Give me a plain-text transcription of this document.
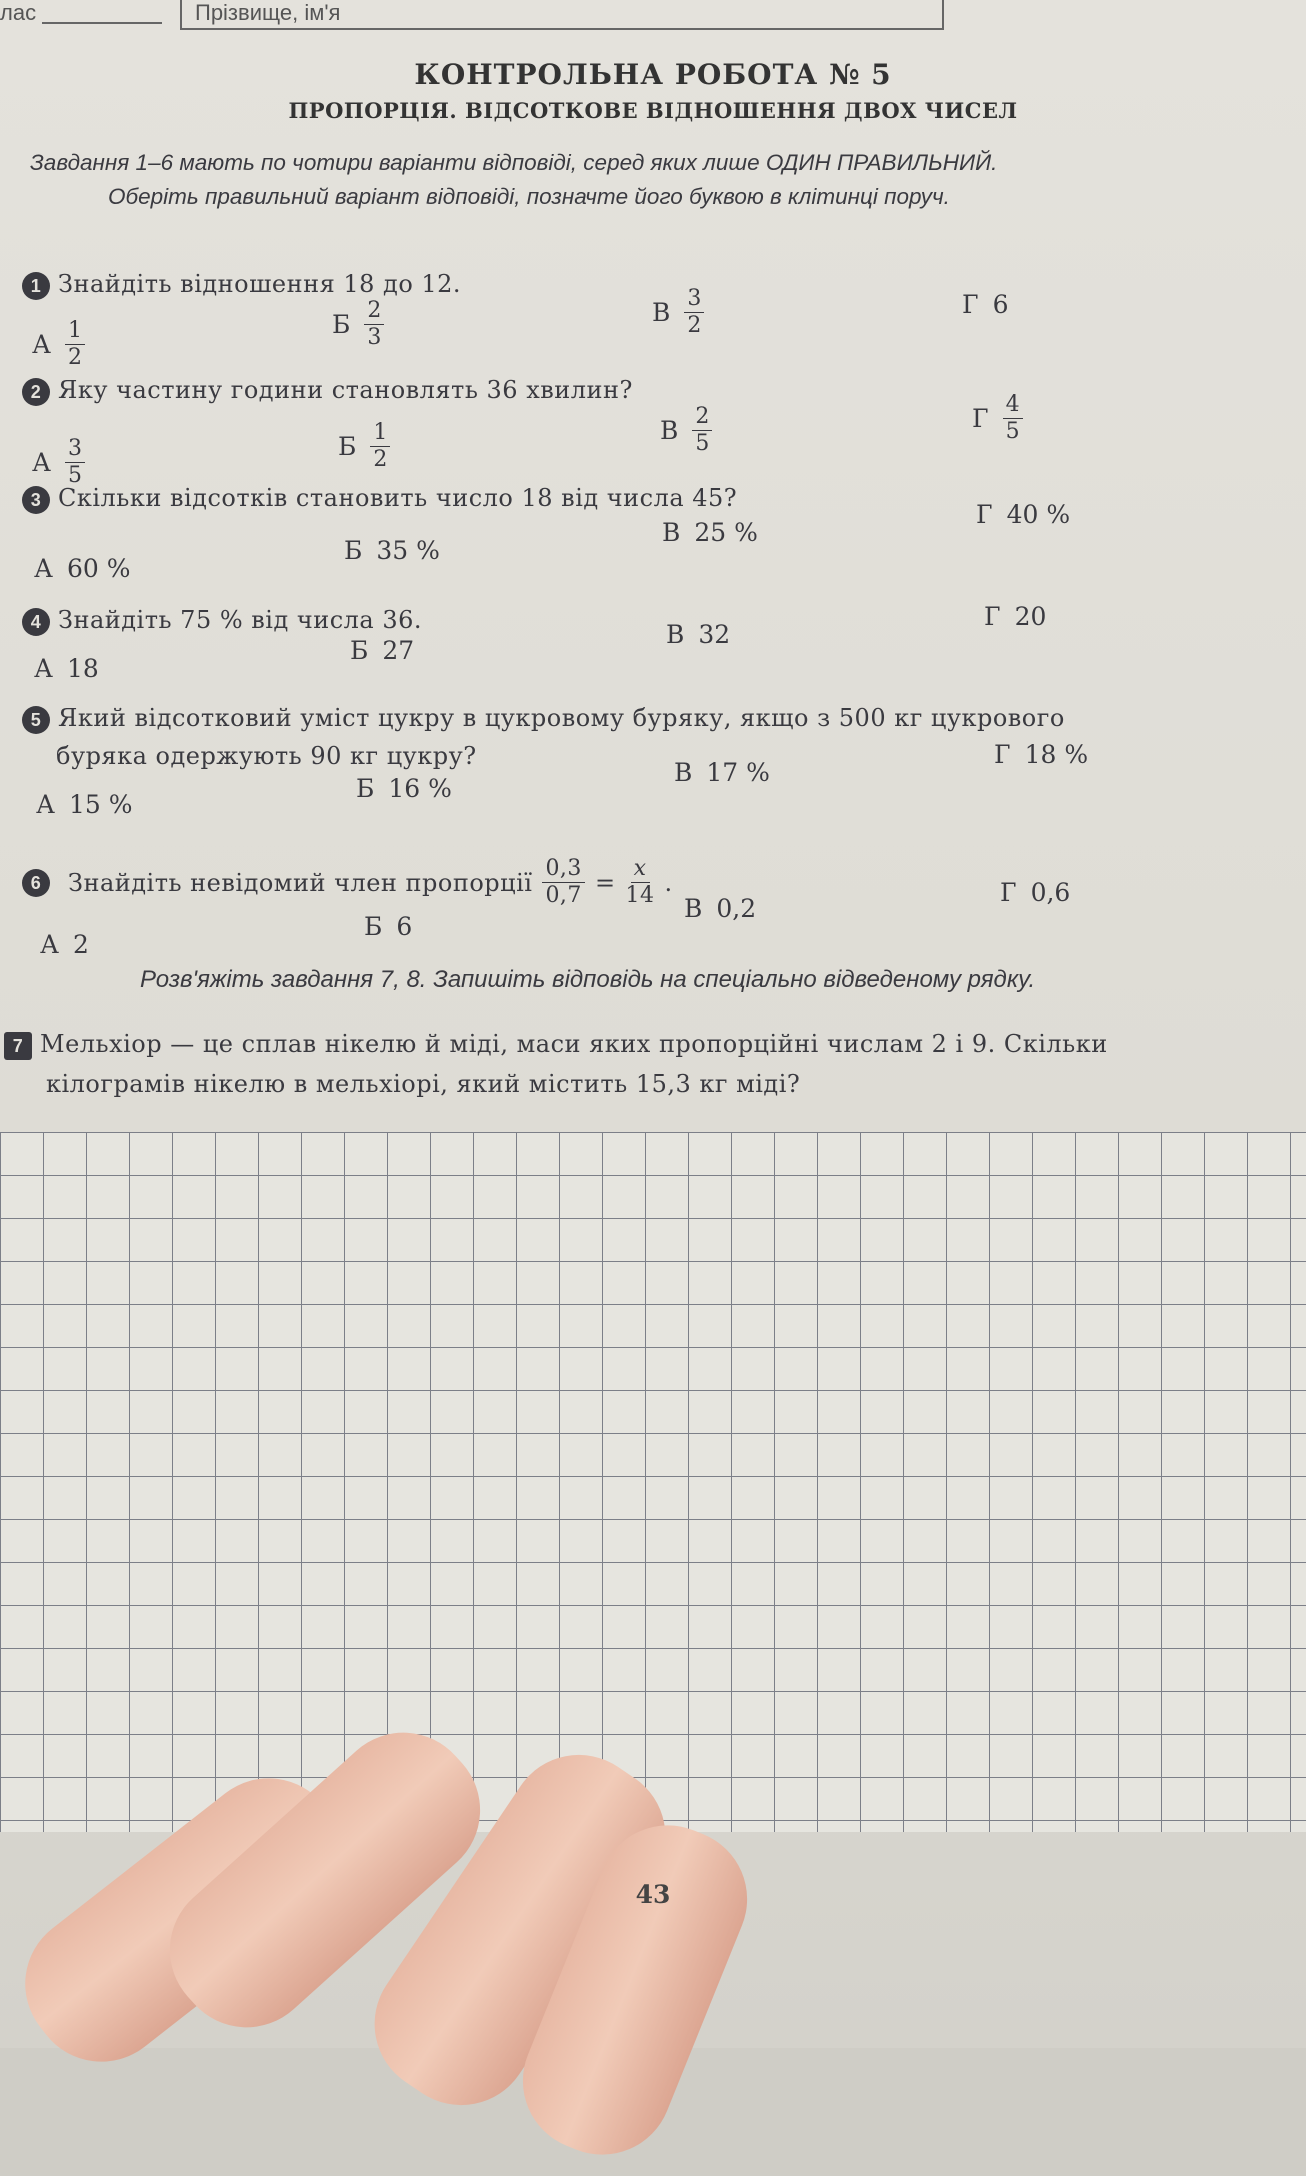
лас	Прізвище, ім'я
КОНТРОЛЬНА РОБОТА № 5
ПРОПОРЦІЯ. ВІДСОТКОВЕ ВІДНОШЕННЯ ДВОХ ЧИСЕЛ
Завдання 1–6 мають по чотири варіанти відповіді, серед яких лише ОДИН ПРАВИЛЬНИЙ.
Оберіть правильний варіант відповіді, позначте його буквою в клітинці поруч.
1 Знайдіть відношення 18 до 12.
А $\frac{1}{2}$	Б $\frac{2}{3}$	В $\frac{3}{2}$	Г 6
2 Яку частину години становлять 36 хвилин?
А $\frac{3}{5}$	Б $\frac{1}{2}$	В $\frac{2}{5}$	Г $\frac{4}{5}$
3 Скільки відсотків становить число 18 від числа 45?
А 60 %
Б 35 %
В 25 %
Г 40 %
4 Знайдіть 75 % від числа 36.
А 18
Б 27
В 32
Г 20
5 Який відсотковий уміст цукру в цукровому буряку, якщо з 500 кг цукрового
буряка одержують 90 кг цукру?
А 15 %
Б 16 %
В 17 %
Г 18 %
6	Знайдіть невідомий член пропорції $\frac{0,3}{0,7} = \frac{x}{14}$ .
А 2
Б 6
В 0,2
Г 0,6
Розв'яжіть завдання 7, 8. Запишіть відповідь на спеціально відведеному рядку.
7 Мельхіор — це сплав нікелю й міді, маси яких пропорційні числам 2 і 9. Скільки
кілограмів нікелю в мельхіорі, який містить 15,3 кг міді?
43
